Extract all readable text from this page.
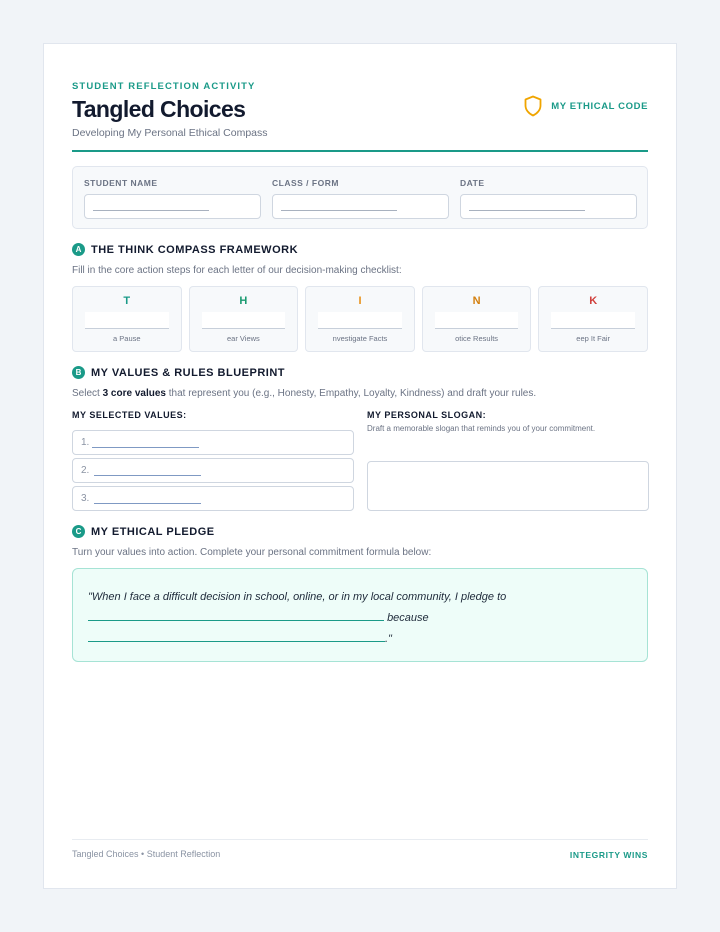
STUDENT REFLECTION ACTIVITY
Tangled Choices
Developing My Personal Ethical Compass
MY ETHICAL CODE
STUDENT NAME	CLASS / FORM	DATE
A THE THINK COMPASS FRAMEWORK
Fill in the core action steps for each letter of our decision-making checklist:
T
a Pause
H
ear Views
I
nvestigate Facts
N
otice Results
K
eep It Fair
B MY VALUES & RULES BLUEPRINT
Select 3 core values that represent you (e.g., Honesty, Empathy, Loyalty, Kindness) and draft your rules.
MY SELECTED VALUES:
1.
2.
3.
MY PERSONAL SLOGAN:
Draft a memorable slogan that reminds you of your commitment.
C MY ETHICAL PLEDGE
Turn your values into action. Complete your personal commitment formula below:
"When I face a difficult decision in school, online, or in my local community, I pledge to
because
."
Tangled Choices • Student Reflection	INTEGRITY WINS
